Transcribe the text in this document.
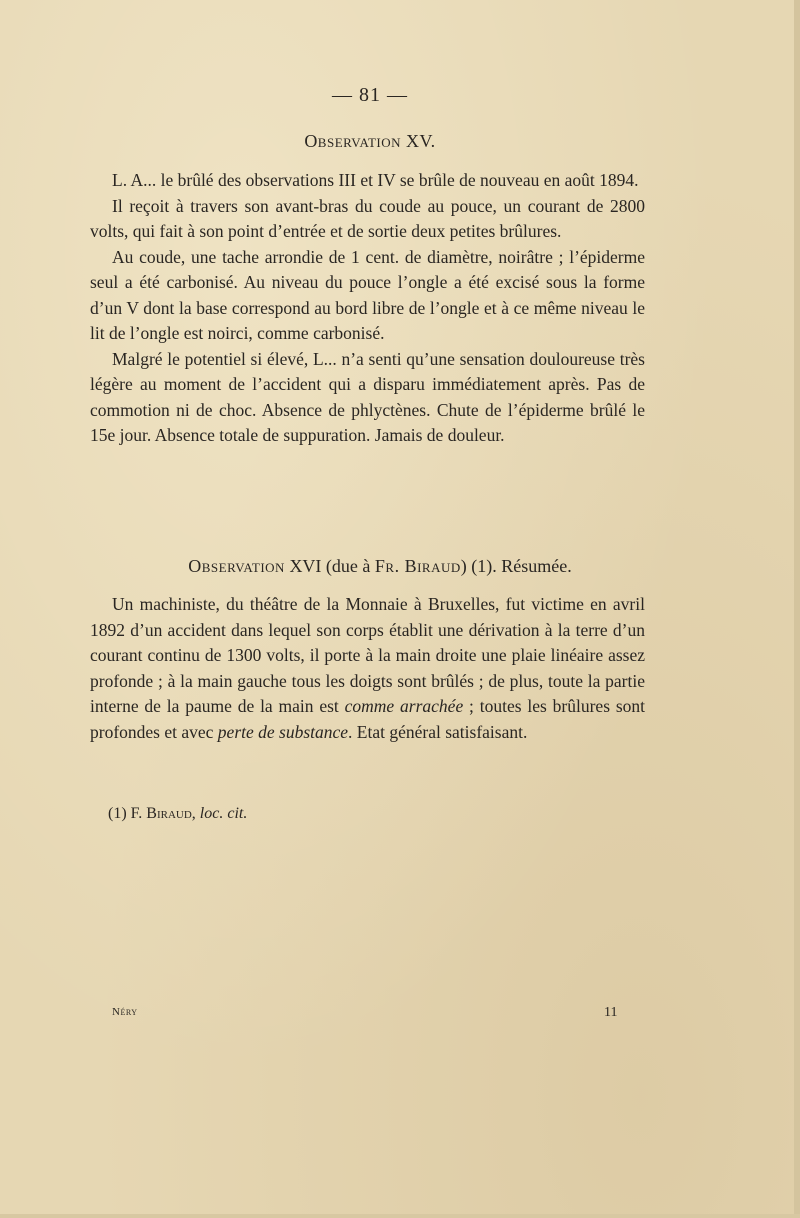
— 81 —
Observation XV.

L. A... le brûlé des observations III et IV se brûle de nouveau en août 1894.

Il reçoit à travers son avant-bras du coude au pouce, un courant de 2800 volts, qui fait à son point d’entrée et de sortie deux petites brûlures.

Au coude, une tache arrondie de 1 cent. de diamètre, noirâtre ; l’épiderme seul a été carbonisé. Au niveau du pouce l’ongle a été excisé sous la forme d’un V dont la base correspond au bord libre de l’ongle et à ce même niveau le lit de l’ongle est noirci, comme carbonisé.

Malgré le potentiel si élevé, L... n’a senti qu’une sensation douloureuse très légère au moment de l’accident qui a disparu immédiatement après. Pas de commotion ni de choc. Absence de phlyctènes. Chute de l’épiderme brûlé le 15e jour. Absence totale de suppuration. Jamais de douleur.

Observation XVI (due à Fr. Biraud) (1). Résumée.

Un machiniste, du théâtre de la Monnaie à Bruxelles, fut victime en avril 1892 d’un accident dans lequel son corps établit une dérivation à la terre d’un courant continu de 1300 volts, il porte à la main droite une plaie linéaire assez profonde ; à la main gauche tous les doigts sont brûlés ; de plus, toute la partie interne de la paume de la main est comme arrachée ; toutes les brûlures sont profondes et avec perte de substance. Etat général satisfaisant.

(1) F. Biraud, loc. cit.
Néry	11
